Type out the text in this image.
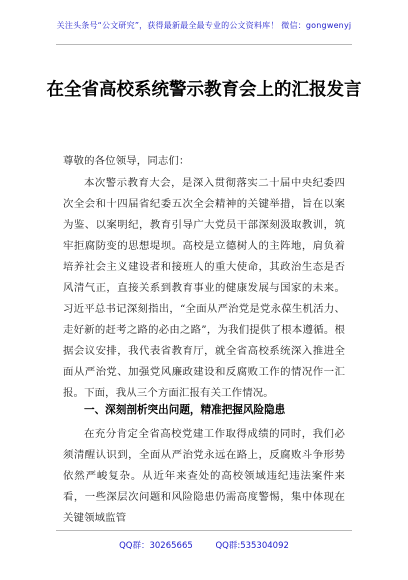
关注头条号“公文研究”，获得最新最全最专业的公文资料库！ 微信：gongwenyj
在全省高校系统警示教育会上的汇报发言

尊敬的各位领导，同志们：

本次警示教育大会，是深入贯彻落实二十届中央纪委四次全会和十四届省纪委五次全会精神的关键举措，旨在以案为鉴、以案明纪，教育引导广大党员干部深刻汲取教训，筑牢拒腐防变的思想堤坝。高校是立德树人的主阵地，肩负着培养社会主义建设者和接班人的重大使命，其政治生态是否风清气正，直接关系到教育事业的健康发展与国家的未来。习近平总书记深刻指出，“全面从严治党是党永葆生机活力、走好新的赶考之路的必由之路”，为我们提供了根本遵循。根据会议安排，我代表省教育厅，就全省高校系统深入推进全面从严治党、加强党风廉政建设和反腐败工作的情况作一汇报。下面，我从三个方面汇报有关工作情况。

一、深刻剖析突出问题，精准把握风险隐患

在充分肯定全省高校党建工作取得成绩的同时，我们必须清醒认识到，全面从严治党永远在路上，反腐败斗争形势依然严峻复杂。从近年来查处的高校领域违纪违法案件来看，一些深层次问题和风险隐患仍需高度警惕，集中体现在关键领域监管

QQ群：30265665	QQ群:535304092
